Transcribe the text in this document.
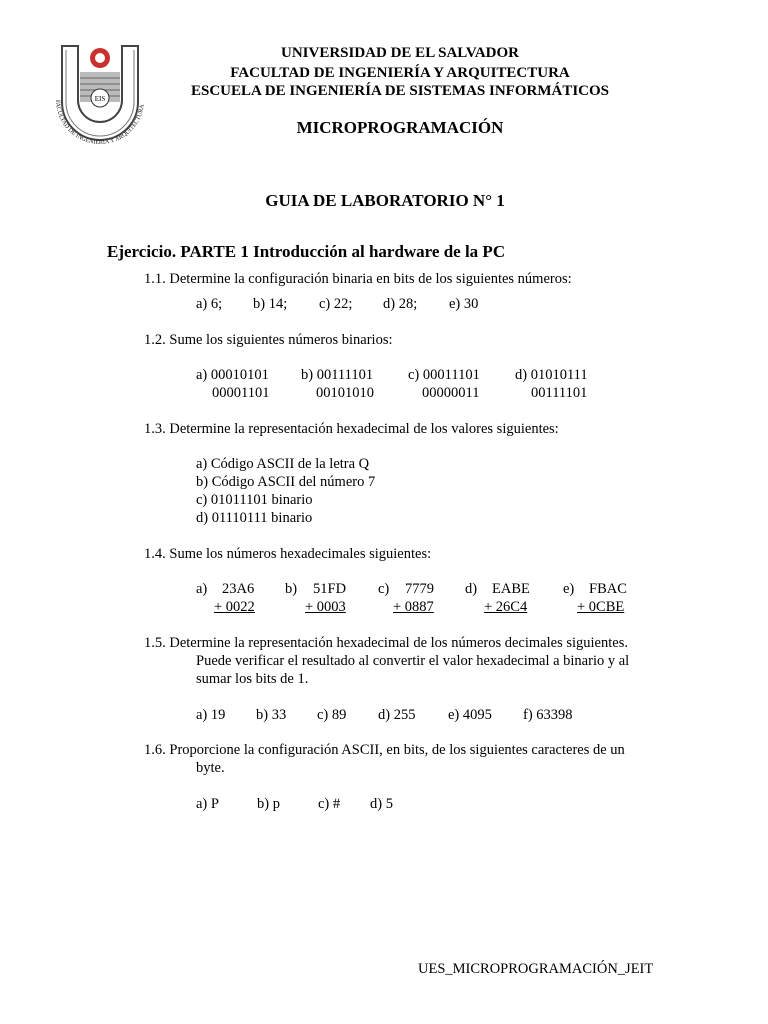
EIS
FACULTAD DE INGENIERIA Y ARQUITECTURA
UNIVERSIDAD DE EL SALVADOR
FACULTAD DE INGENIERÍA Y ARQUITECTURA
ESCUELA DE INGENIERÍA DE SISTEMAS INFORMÁTICOS
MICROPROGRAMACIÓN
GUIA DE LABORATORIO N° 1
Ejercicio. PARTE 1 Introducción al hardware de la PC
1.1. Determine la configuración binaria en bits de los siguientes números:
a) 6; b) 14; c) 22; d) 28; e) 30
1.2. Sume los siguientes números binarios:
a) 00010101
00001101
b) 00111101
00101010
c) 00011101
00000011
d) 01010111
00111101
1.3. Determine la representación hexadecimal de los valores siguientes:
a) Código ASCII de la letra Q
b) Código ASCII del número 7
c) 01011101 binario
d) 01110111 binario
1.4. Sume los números hexadecimales siguientes:
a) 23A6
+ 0022
b) 51FD
+ 0003
c) 7779
+ 0887
d) EABE
+ 26C4
e) FBAC
+ 0CBE
1.5. Determine la representación hexadecimal de los números decimales siguientes.
Puede verificar el resultado al convertir el valor hexadecimal a binario y al
sumar los bits de 1.
a) 19 b) 33 c) 89 d) 255 e) 4095 f) 63398
1.6. Proporcione la configuración ASCII, en bits, de los siguientes caracteres de un
byte.
a) P	b) p	c) # d) 5
UES_MICROPROGRAMACIÓN_JEIT
